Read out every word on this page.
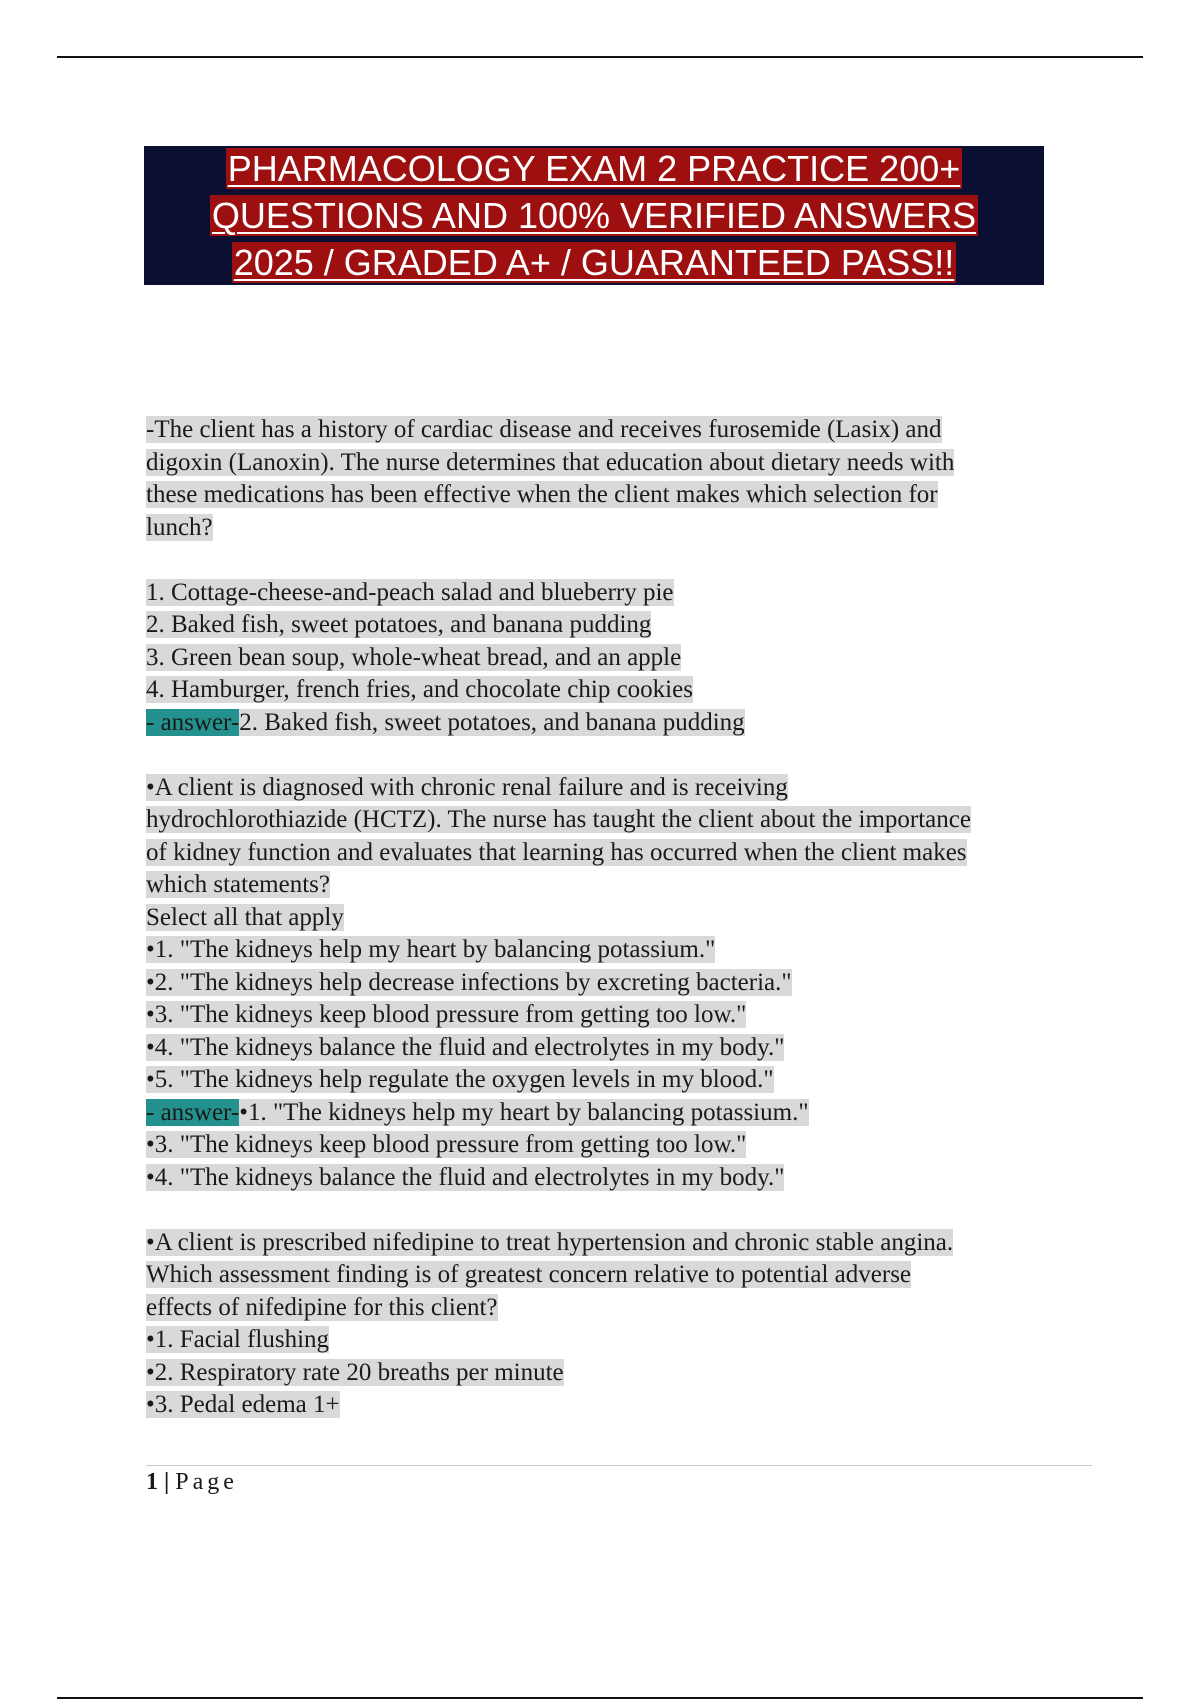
PHARMACOLOGY EXAM 2 PRACTICE 200+
QUESTIONS AND 100% VERIFIED ANSWERS
2025 / GRADED A+ / GUARANTEED PASS!!

-The client has a history of cardiac disease and receives furosemide (Lasix) and
digoxin (Lanoxin). The nurse determines that education about dietary needs with
these medications has been effective when the client makes which selection for
lunch?
1. Cottage-cheese-and-peach salad and blueberry pie
2. Baked fish, sweet potatoes, and banana pudding
3. Green bean soup, whole-wheat bread, and an apple
4. Hamburger, french fries, and chocolate chip cookies
- answer-2. Baked fish, sweet potatoes, and banana pudding
•A client is diagnosed with chronic renal failure and is receiving
hydrochlorothiazide (HCTZ). The nurse has taught the client about the importance
of kidney function and evaluates that learning has occurred when the client makes
which statements?
Select all that apply
•1. "The kidneys help my heart by balancing potassium."
•2. "The kidneys help decrease infections by excreting bacteria."
•3. "The kidneys keep blood pressure from getting too low."
•4. "The kidneys balance the fluid and electrolytes in my body."
•5. "The kidneys help regulate the oxygen levels in my blood."
- answer-•1. "The kidneys help my heart by balancing potassium."
•3. "The kidneys keep blood pressure from getting too low."
•4. "The kidneys balance the fluid and electrolytes in my body."
•A client is prescribed nifedipine to treat hypertension and chronic stable angina.
Which assessment finding is of greatest concern relative to potential adverse
effects of nifedipine for this client?
•1. Facial flushing
•2. Respiratory rate 20 breaths per minute
•3. Pedal edema 1+
1 | Page
